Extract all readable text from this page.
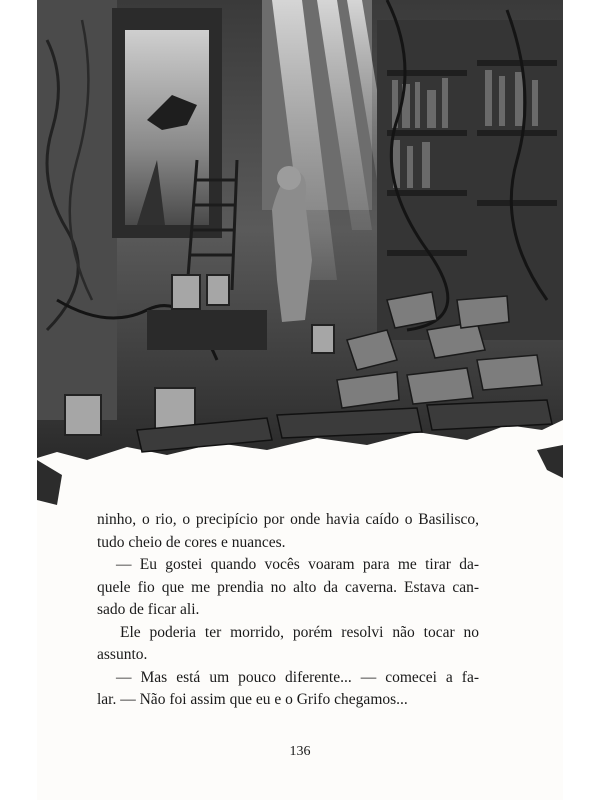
ninho, o rio, o precipício por onde havia caído o Basilisco,
tudo cheio de cores e nuances.

— Eu gostei quando vocês voaram para me tirar da-
quele fio que me prendia no alto da caverna. Estava can-
sado de ficar ali.

Ele poderia ter morrido, porém resolvi não tocar no
assunto.

— Mas está um pouco diferente... — comecei a fa-
lar. — Não foi assim que eu e o Grifo chegamos...

136
